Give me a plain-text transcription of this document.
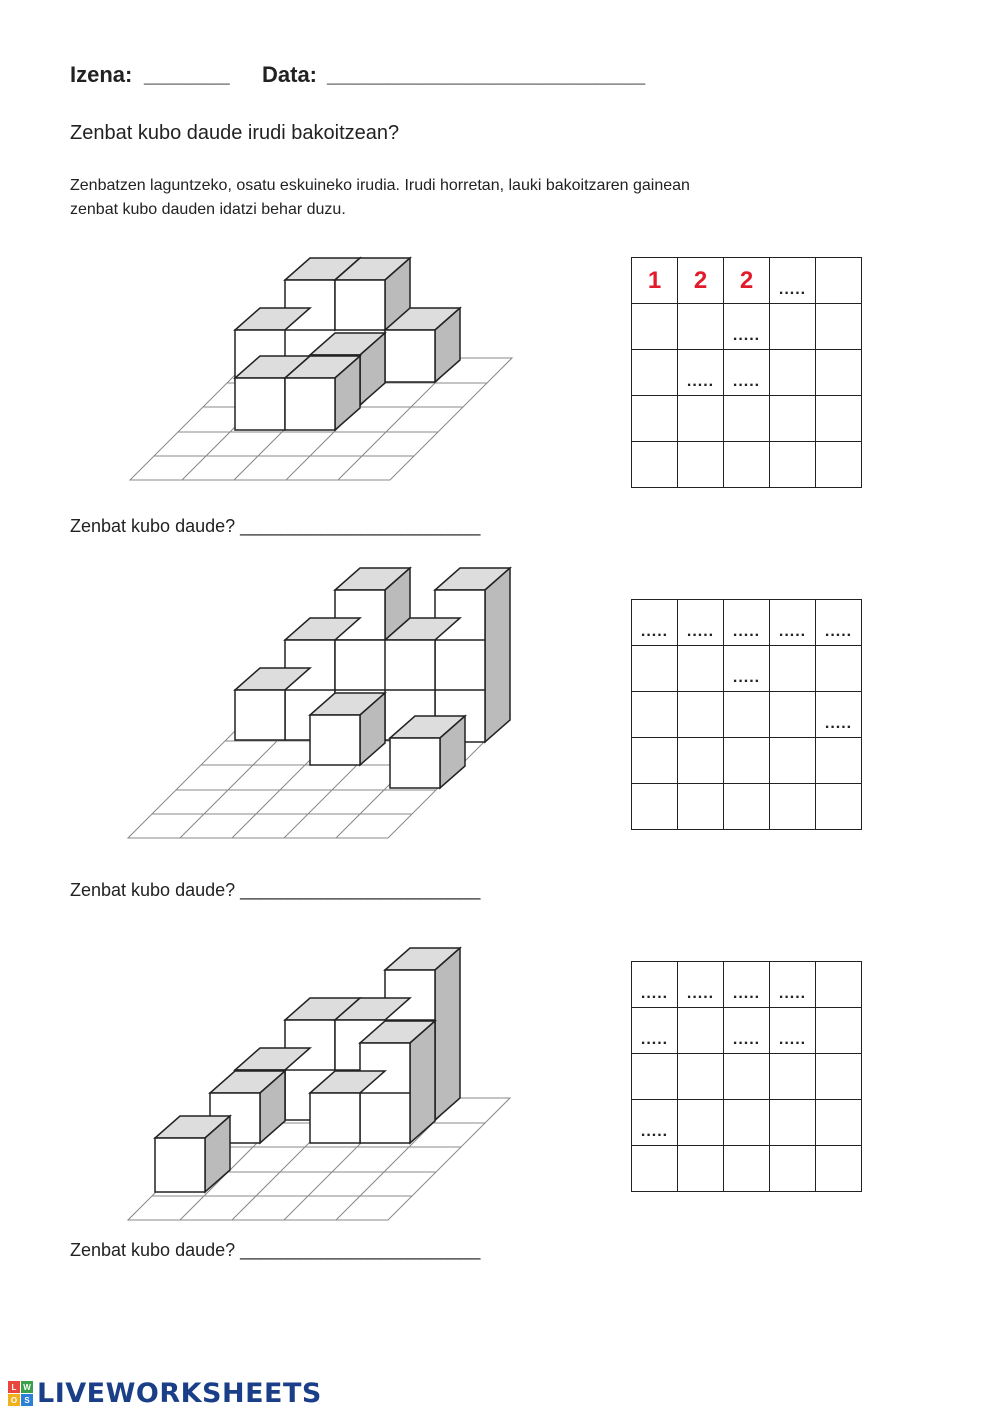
Izena: _______ Data: __________________________
Zenbat kubo daude irudi bakoitzean?
Zenbatzen laguntzeko, osatu eskuineko irudia. Irudi horretan, lauki bakoitzaren gainean
zenbat kubo dauden idatzi behar duzu.
Zenbat kubo daude? ________________________
1	2	2	.....	

		.....		

	.....	.....		

Zenbat kubo daude? ________________________
.....	.....	.....	.....	.....

		.....		

				.....

Zenbat kubo daude? ________________________
.....	.....	.....	.....	

.....		.....	.....	

.....				

L W
O S LIVEWORKSHEETS
